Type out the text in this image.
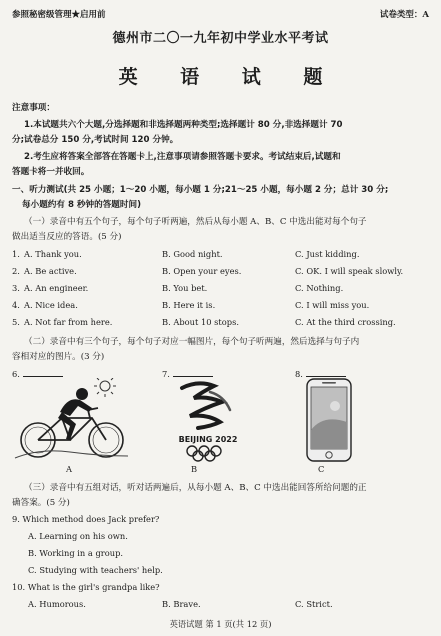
参照秘密级管理★启用前	试卷类型：A
德州市二〇一九年初中学业水平考试
英 语 试 题
注意事项：
1.本试题共六个大题,分选择题和非选择题两种类型;选择题计 80 分,非选择题计 70
分;试卷总分 150 分,考试时间 120 分钟。
2.考生应将答案全部答在答题卡上,注意事项请参照答题卡要求。考试结束后,试题和
答题卡将一并收回。
一、听力测试(共 25 小题；1～20 小题，每小题 1 分;21～25 小题，每小题 2 分；总计 30 分;
每小题约有 8 秒钟的答题时间)
（一）录音中有五个句子，每个句子听两遍，然后从每小题 A、B、C 中选出能对每个句子
做出适当反应的答语。(5 分)
1. A. Thank you.	B. Good night.	C. Just kidding.
2. A. Be active.	B. Open your eyes.	C. OK. I will speak slowly.
3. A. An engineer.	B. You bet.	C. Nothing.
4. A. Nice idea.	B. Here it is.	C. I will miss you.
5. A. Not far from here.	B. About 10 stops.	C. At the third crossing.
（二）录音中有三个句子，每个句子对应一幅图片，每个句子听两遍，然后选择与句子内
容相对应的图片。(3 分)
6.	7.	8.
BEIJING 2022
A	B	C
（三）录音中有五组对话，听对话两遍后，从每小题 A、B、C 中选出能回答所给问题的正
确答案。(5 分)
9. Which method does Jack prefer?
A. Learning on his own.
B. Working in a group.
C. Studying with teachers' help.
10. What is the girl's grandpa like?
A. Humorous.	B. Brave.	C. Strict.
英语试题 第 1 页(共 12 页)
